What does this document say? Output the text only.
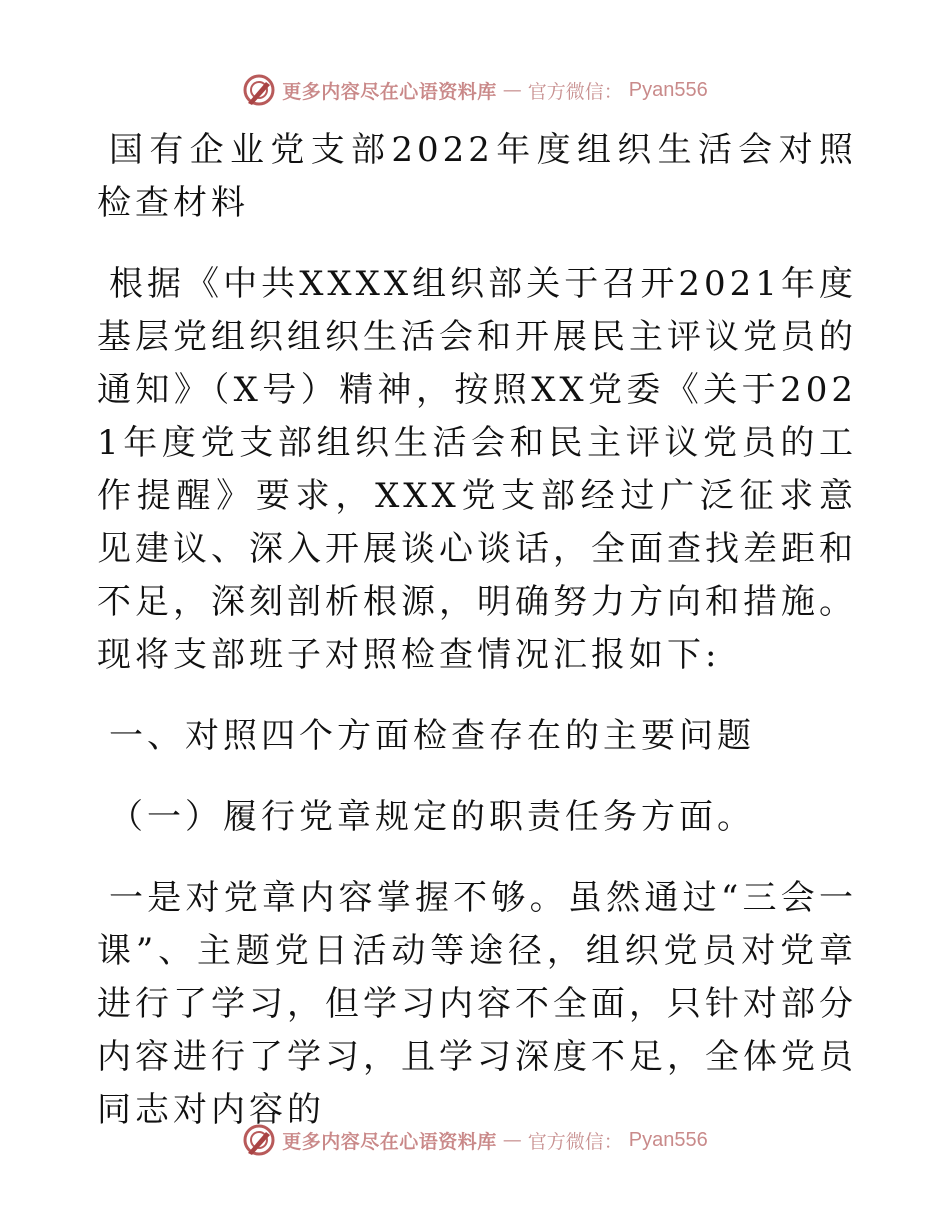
更多内容尽在心语资料库 — 官方微信： Pyan556

国有企业党支部2022年度组织生活会对照检查材料

根据《中共XXXX组织部关于召开2021年度基层党组织组织生活会和开展民主评议党员的通知》（X号）精神，按照XX党委《关于2021年度党支部组织生活会和民主评议党员的工作提醒》要求，XXX党支部经过广泛征求意见建议、深入开展谈心谈话，全面查找差距和不足，深刻剖析根源，明确努力方向和措施。现将支部班子对照检查情况汇报如下:

一、对照四个方面检查存在的主要问题

（一）履行党章规定的职责任务方面。

一是对党章内容掌握不够。虽然通过“三会一课”、主题党日活动等途径，组织党员对党章进行了学习，但学习内容不全面，只针对部分内容进行了学习，且学习深度不足，全体党员同志对内容的

更多内容尽在心语资料库 — 官方微信： Pyan556
